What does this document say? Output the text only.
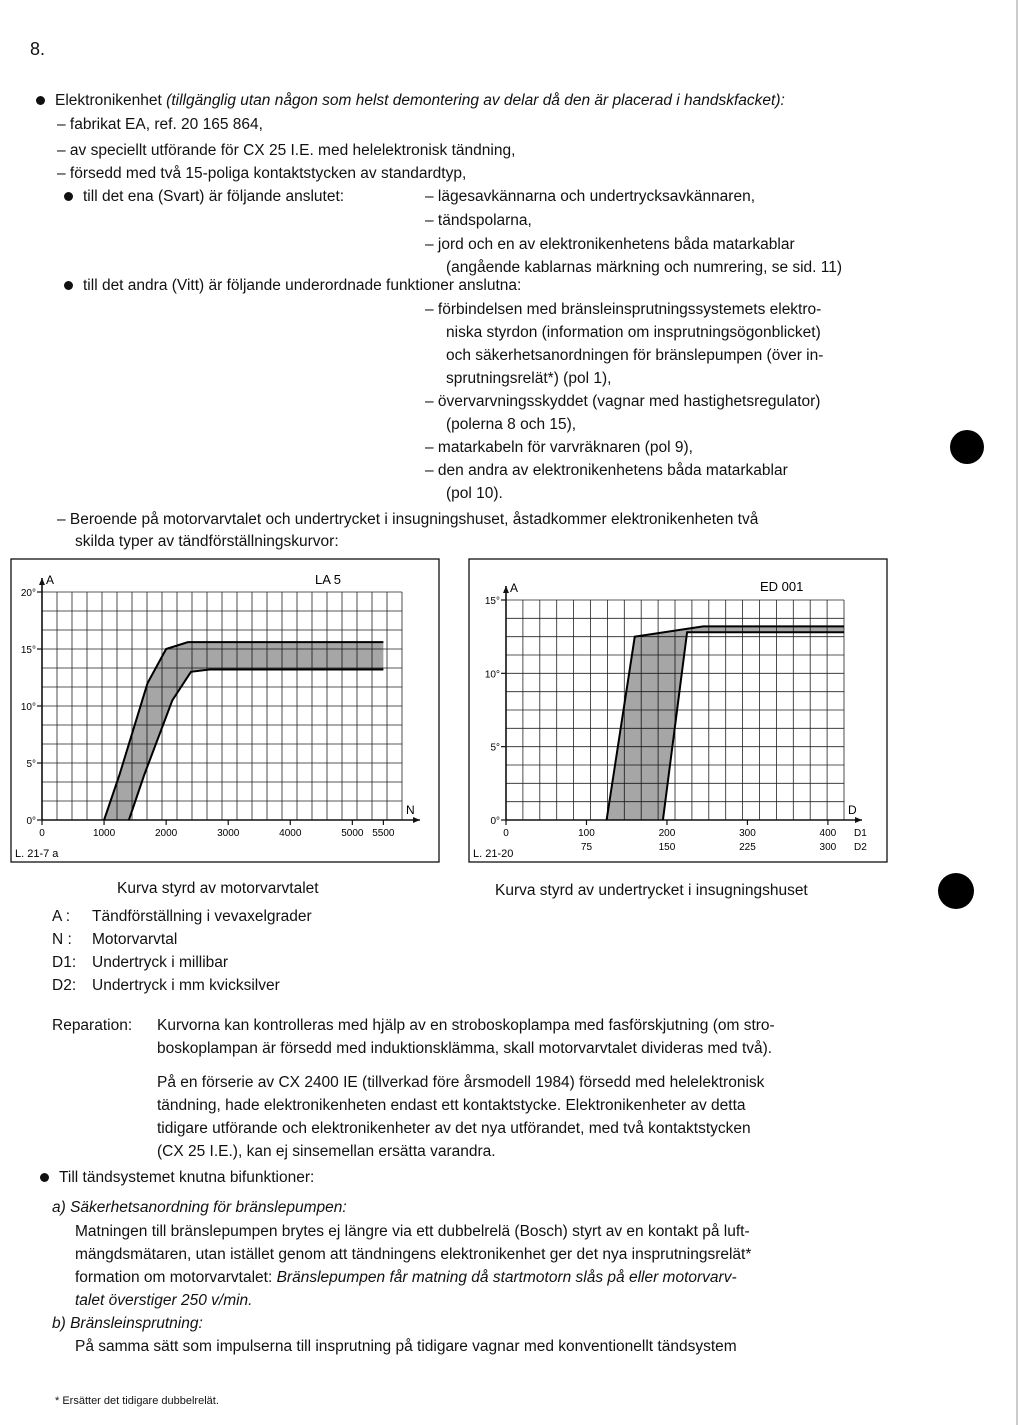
8.
Elektronikenhet (tillgänglig utan någon som helst demontering av delar då den är placerad i handskfacket):
– fabrikat EA, ref. 20 165 864,
– av speciellt utförande för CX 25 I.E. med helelektronisk tändning,
– försedd med två 15-poliga kontaktstycken av standardtyp,
till det ena (Svart) är följande anslutet:	– lägesavkännarna och undertrycksavkännaren,
– tändspolarna,
– jord och en av elektronikenhetens båda matarkablar
(angående kablarnas märkning och numrering, se sid. 11)
till det andra (Vitt) är följande underordnade funktioner anslutna:
– förbindelsen med bränsleinsprutningssystemets elektro-
niska styrdon (information om insprutningsögonblicket)
och säkerhetsanordningen för bränslepumpen (över in-
sprutningsrelät*) (pol 1),
– övervarvningsskyddet (vagnar med hastighetsregulator)
(polerna 8 och 15),
– matarkabeln för varvräknaren (pol 9),
– den andra av elektronikenhetens båda matarkablar
(pol 10).
– Beroende på motorvarvtalet och undertrycket i insugningshuset, åstadkommer elektronikenheten två
skilda typer av tändförställningskurvor:
0°
5°
10°
15°
20°
0	1000	2000	3000	4000	5000 5500
A
N
LA 5
L. 21-7 a
0°
5°
10°
15°
0	100	200	300	400
75	150	225	300
D1
D2
A
D
ED 001
L. 21-20
Kurva styrd av motorvarvtalet	Kurva styrd av undertrycket i insugningshuset
A : Tändförställning i vevaxelgrader
N : Motorvarvtal
D1: Undertryck i millibar
D2: Undertryck i mm kvicksilver
Reparation: Kurvorna kan kontrolleras med hjälp av en stroboskoplampa med fasförskjutning (om stro-
boskoplampan är försedd med induktionsklämma, skall motorvarvtalet divideras med två).
På en förserie av CX 2400 IE (tillverkad före årsmodell 1984) försedd med helelektronisk
tändning, hade elektronikenheten endast ett kontaktstycke. Elektronikenheter av detta
tidigare utförande och elektronikenheter av det nya utförandet, med två kontaktstycken
(CX 25 I.E.), kan ej sinsemellan ersätta varandra.
Till tändsystemet knutna bifunktioner:
a) Säkerhetsanordning för bränslepumpen:
Matningen till bränslepumpen brytes ej längre via ett dubbelrelä (Bosch) styrt av en kontakt på luft-
mängdsmätaren, utan istället genom att tändningens elektronikenhet ger det nya insprutningsrelät*
formation om motorvarvtalet: Bränslepumpen får matning då startmotorn slås på eller motorvarv-
talet överstiger 250 v/min.
b) Bränsleinsprutning:
På samma sätt som impulserna till insprutning på tidigare vagnar med konventionellt tändsystem
* Ersätter det tidigare dubbelrelät.
